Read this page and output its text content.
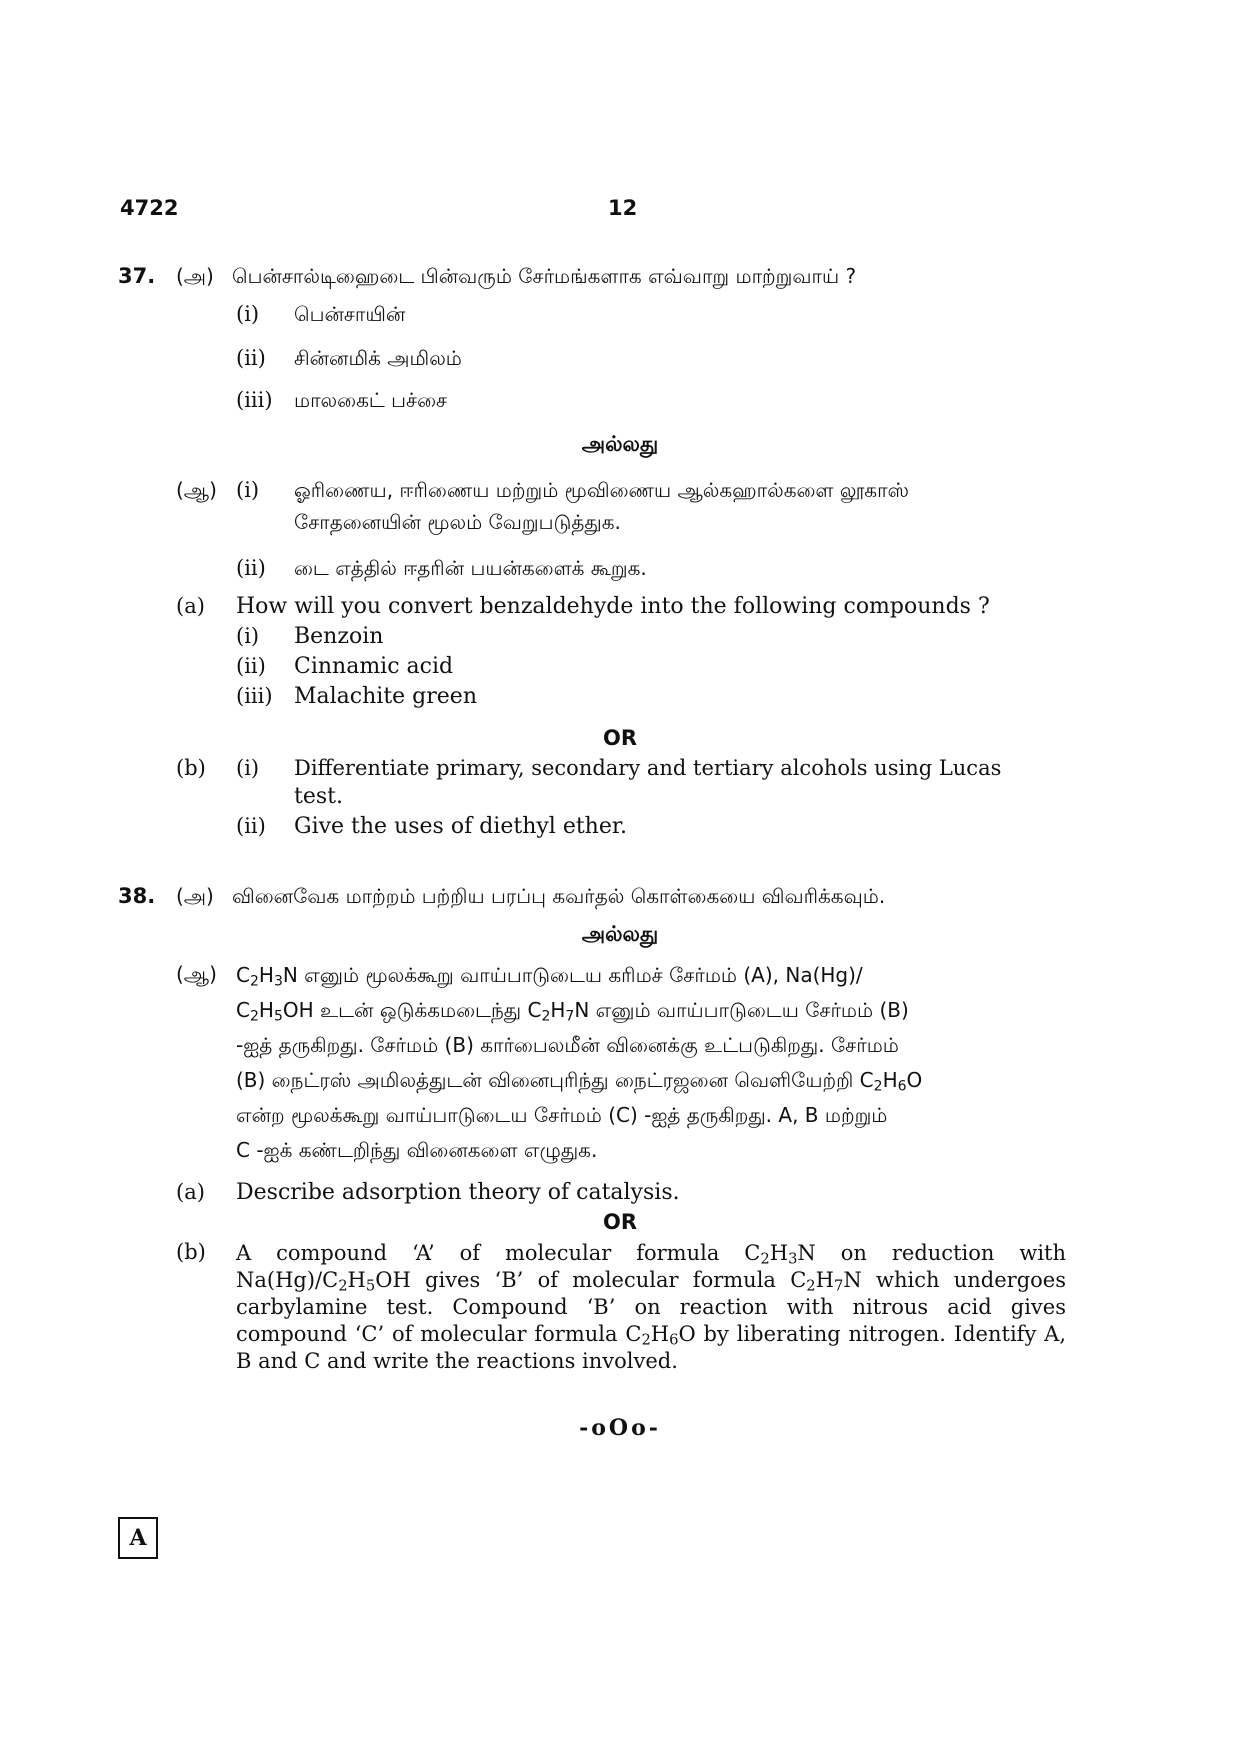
4722	12
37. (அ) பென்சால்டிஹைடை பின்வரும் சேர்மங்களாக எவ்வாறு மாற்றுவாய் ?
(i) பென்சாயின்
(ii) சின்னமிக் அமிலம்
(iii) மாலகைட் பச்சை
அல்லது
(ஆ) (i) ஓரிணைய, ஈரிணைய மற்றும் மூவிணைய ஆல்கஹால்களை லூகாஸ்
சோதனையின் மூலம் வேறுபடுத்துக.
(ii) டை எத்தில் ஈதரின் பயன்களைக் கூறுக.
(a) How will you convert benzaldehyde into the following compounds ?
(i) Benzoin
(ii) Cinnamic acid
(iii) Malachite green
OR
(b) (i) Differentiate primary, secondary and tertiary alcohols using Lucas
test.
(ii) Give the uses of diethyl ether.
38. (அ) வினைவேக மாற்றம் பற்றிய பரப்பு கவர்தல் கொள்கையை விவரிக்கவும்.
அல்லது
(ஆ) $C_2H_3N$ எனும் மூலக்கூறு வாய்பாடுடைய கரிமச் சேர்மம் (A), Na(Hg)/
$C_2H_5OH$ உடன் ஒடுக்கமடைந்து $C_2H_7N$ எனும் வாய்பாடுடைய சேர்மம் (B)
-ஐத் தருகிறது. சேர்மம் (B) கார்பைலமீன் வினைக்கு உட்படுகிறது. சேர்மம்
(B) நைட்ரஸ் அமிலத்துடன் வினைபுரிந்து நைட்ரஜனை வெளியேற்றி $C_2H_6O$
என்ற மூலக்கூறு வாய்பாடுடைய சேர்மம் (C) -ஐத் தருகிறது. A, B மற்றும்
C -ஐக் கண்டறிந்து வினைகளை எழுதுக.
(a) Describe adsorption theory of catalysis.
OR
(b) A compound ‘A’ of molecular formula $C_2H_3N$ on reduction with $Na(Hg)/C_2H_5OH$ gives ‘B’ of molecular formula $C_2H_7N$ which undergoes carbylamine test. Compound ‘B’ on reaction with nitrous acid gives compound ‘C’ of molecular formula $C_2H_6O$ by liberating nitrogen. Identify A, B and C and write the reactions involved.
-oOo-
A
